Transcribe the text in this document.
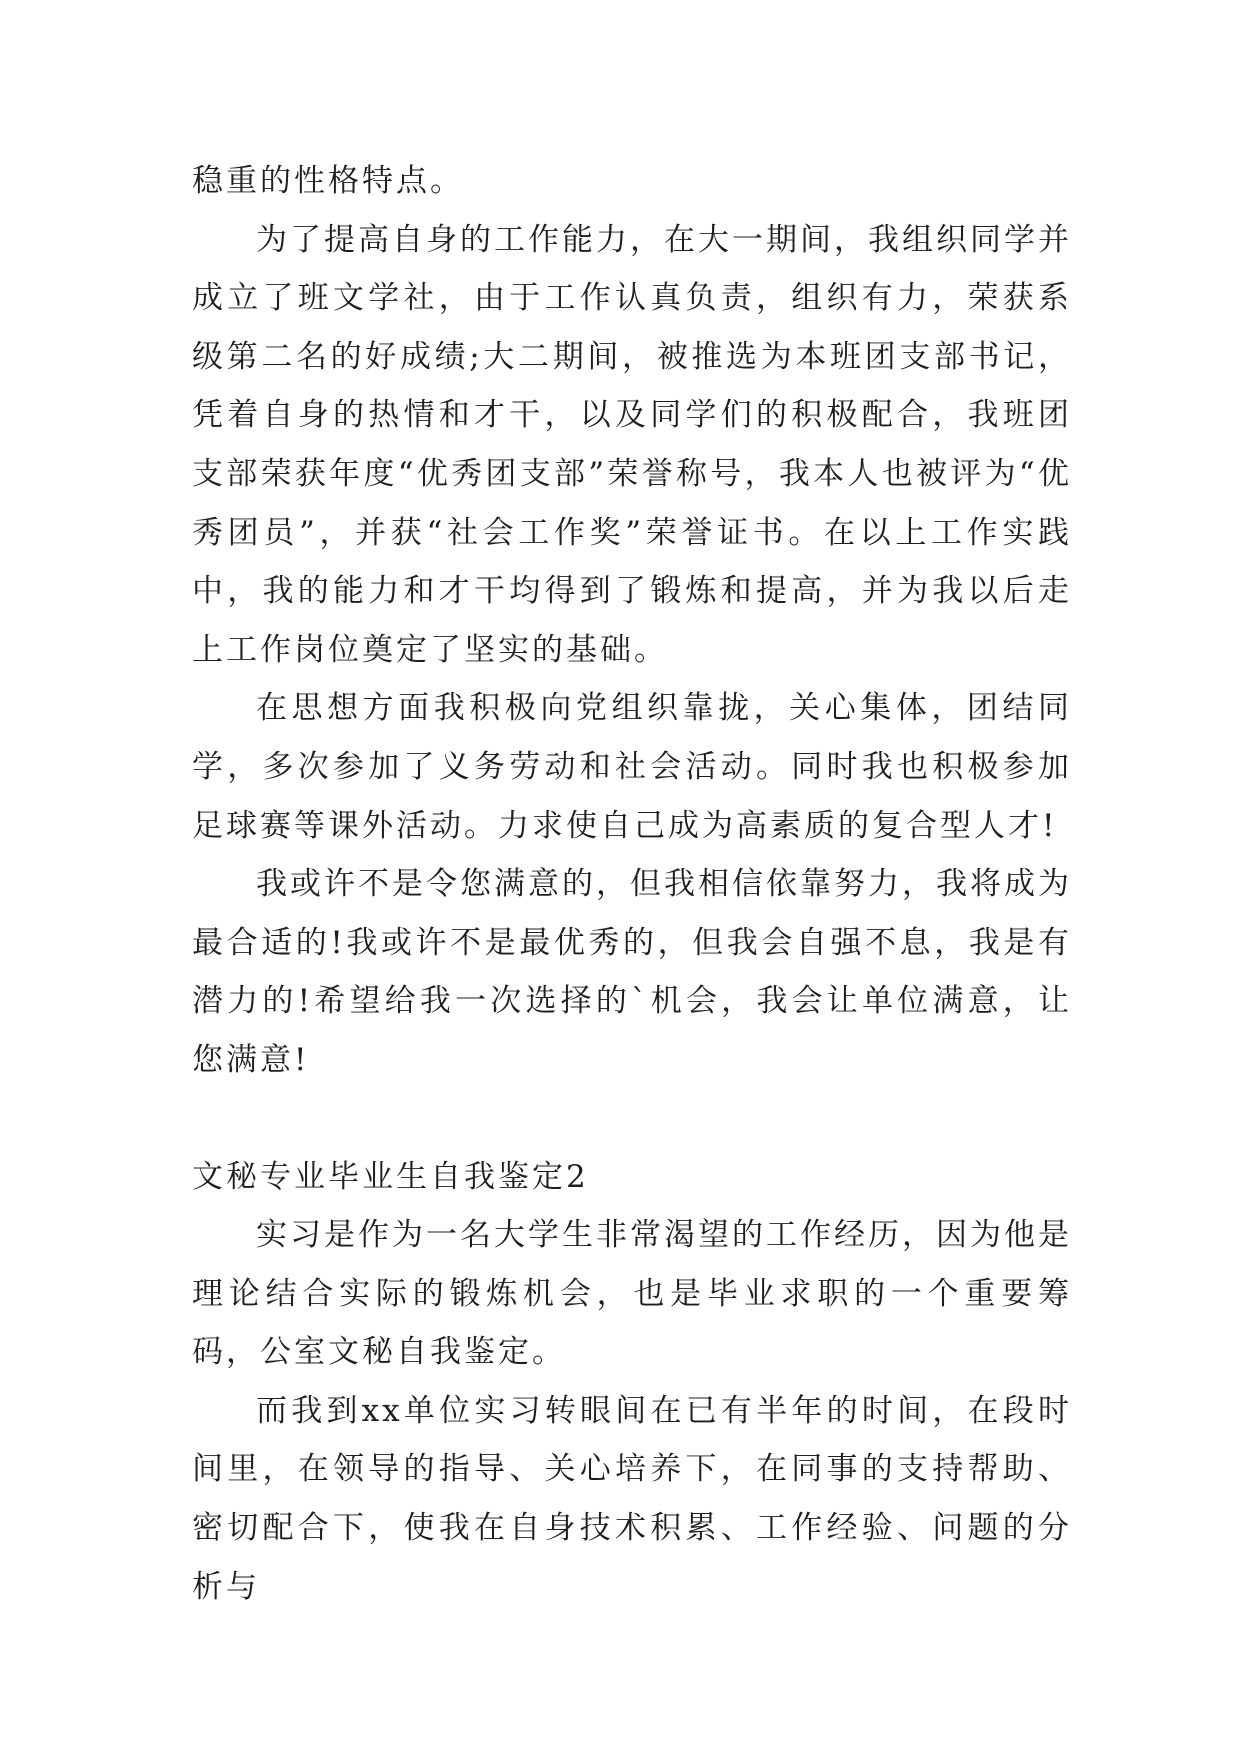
稳重的性格特点。

为了提高自身的工作能力，在大一期间，我组织同学并成立了班文学社，由于工作认真负责，组织有力，荣获系级第二名的好成绩;大二期间，被推选为本班团支部书记，凭着自身的热情和才干，以及同学们的积极配合，我班团支部荣获年度“优秀团支部”荣誉称号，我本人也被评为“优秀团员”，并获“社会工作奖”荣誉证书。在以上工作实践中，我的能力和才干均得到了锻炼和提高，并为我以后走上工作岗位奠定了坚实的基础。

在思想方面我积极向党组织靠拢，关心集体，团结同学，多次参加了义务劳动和社会活动。同时我也积极参加足球赛等课外活动。力求使自己成为高素质的复合型人才!

我或许不是令您满意的，但我相信依靠努力，我将成为最合适的!我或许不是最优秀的，但我会自强不息，我是有潜力的!希望给我一次选择的`机会，我会让单位满意，让您满意!

文秘专业毕业生自我鉴定2

实习是作为一名大学生非常渴望的工作经历，因为他是理论结合实际的锻炼机会，也是毕业求职的一个重要筹码，公室文秘自我鉴定。

而我到xx单位实习转眼间在已有半年的时间，在段时间里，在领导的指导、关心培养下，在同事的支持帮助、密切配合下，使我在自身技术积累、工作经验、问题的分析与
